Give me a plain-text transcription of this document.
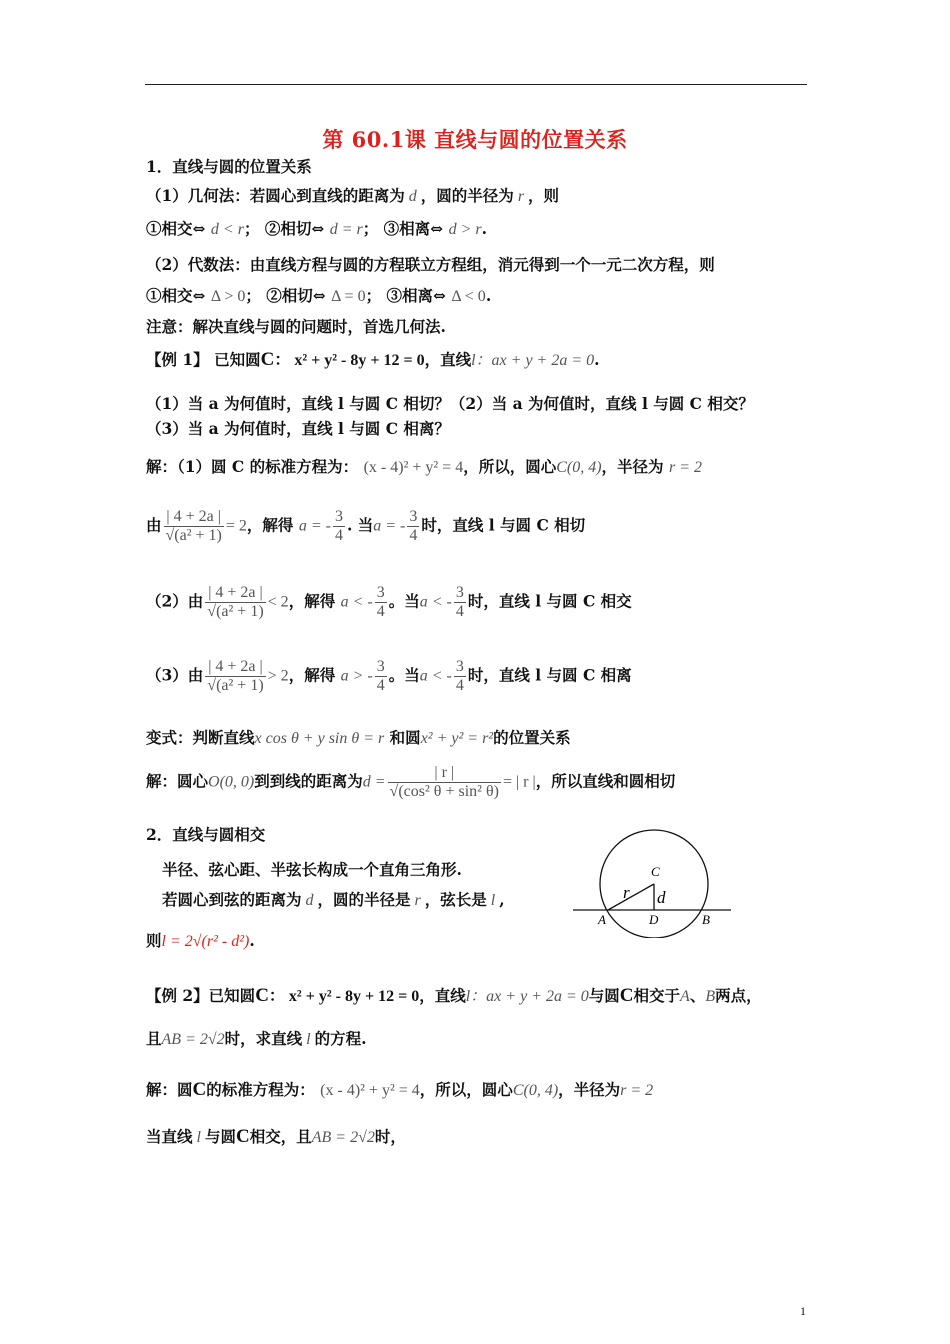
第 60.1课 直线与圆的位置关系
1．直线与圆的位置关系
（1）几何法：若圆心到直线的距离为 d ，圆的半径为 r ，则
①相交⇔ d < r； ②相切⇔ d = r； ③相离⇔ d > r.
（2）代数法：由直线方程与圆的方程联立方程组，消元得到一个一元二次方程，则
①相交⇔ Δ > 0； ②相切⇔ Δ = 0； ③相离⇔ Δ < 0.
注意：解决直线与圆的问题时，首选几何法.
【例 1】 已知圆C： x² + y² - 8y + 12 = 0，直线l：ax + y + 2a = 0.
（1）当 a 为何值时，直线 l 与圆 C 相切？（2）当 a 为何值时，直线 l 与圆 C 相交？
（3）当 a 为何值时，直线 l 与圆 C 相离？
解：（1）圆 C 的标准方程为： (x - 4)² + y² = 4，所以，圆心C(0, 4)，半径为 r = 2
由 $\frac{| 4 + 2a |}{\text{√(a² + 1)}} = 2$，解得 a = - $\frac{3}{4}$ . 当a = - $\frac{3}{4}$ 时，直线 l 与圆 C 相切
（2）由 $\frac{| 4 + 2a |}{\text{√(a² + 1)}} < 2$，解得 a < - $\frac{3}{4}$ 。当a < - $\frac{3}{4}$ 时，直线 l 与圆 C 相交
（3）由 $\frac{| 4 + 2a |}{\text{√(a² + 1)}} > 2$，解得 a > - $\frac{3}{4}$ 。当a < - $\frac{3}{4}$ 时，直线 l 与圆 C 相离
变式：判断直线x cos θ + y sin θ = r 和圆x² + y² = r²的位置关系
解：圆心O(0, 0)到到线的距离为$d = \frac{| r |}{\text{√(cos² θ + sin² θ)}}$ = | r |，所以直线和圆相切
2．直线与圆相交
半径、弦心距、半弦长构成一个直角三角形.
若圆心到弦的距离为 d ，圆的半径是 r ，弦长是 l ,
则l = 2√(r² - d²).
C
r d
A	D	B
【例 2】已知圆C： x² + y² - 8y + 12 = 0，直线l：ax + y + 2a = 0与圆C相交于A、B两点，
且AB = 2√2时，求直线 l 的方程.
解：圆C的标准方程为： (x - 4)² + y² = 4，所以，圆心C(0, 4)，半径为r = 2
当直线 l 与圆C相交，且AB = 2√2时，
1
